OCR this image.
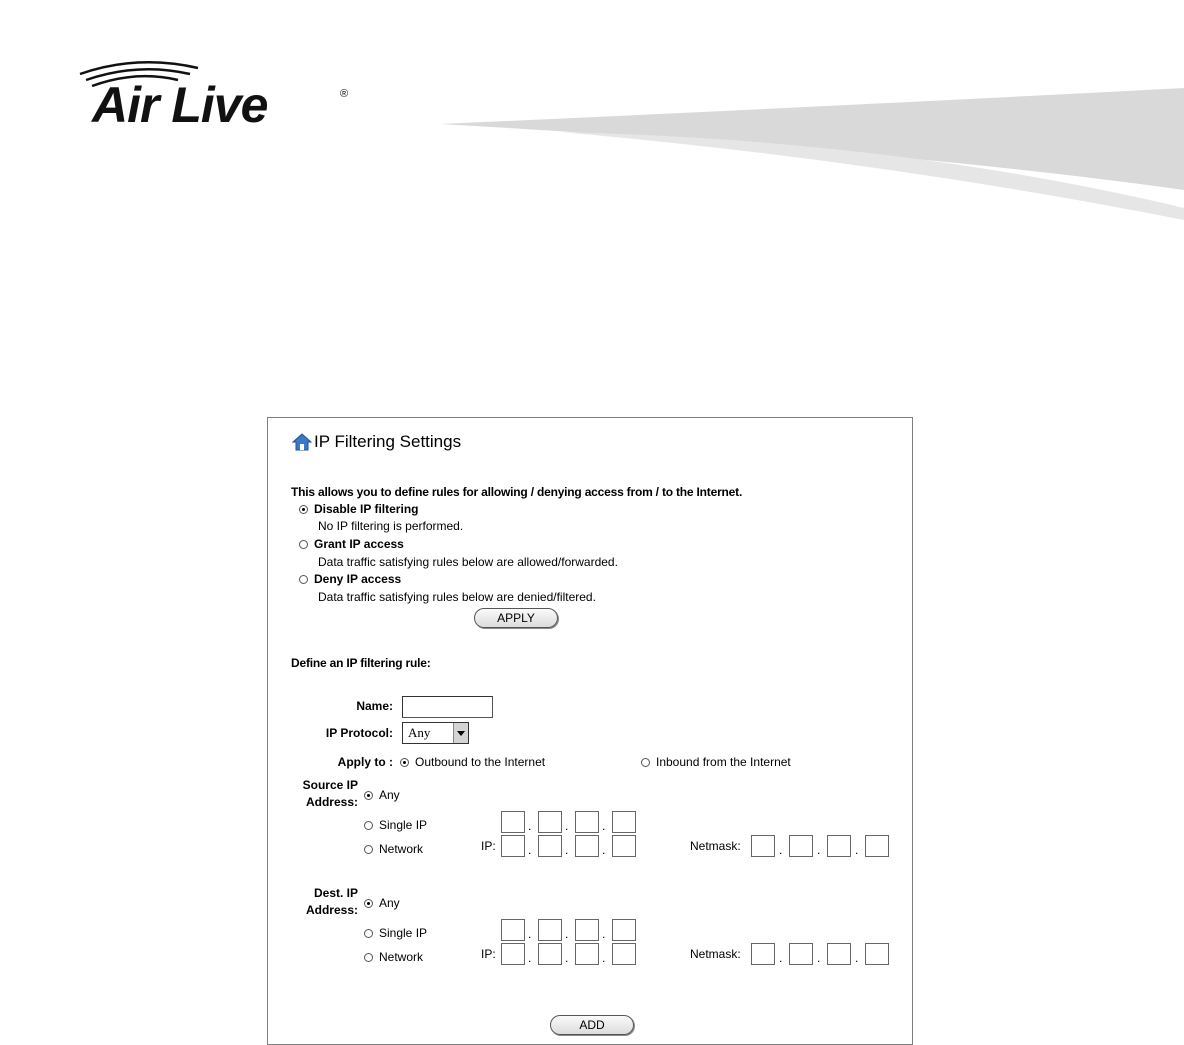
Air Live	®
IP Filtering Settings
This allows you to define rules for allowing / denying access from / to the Internet.
Disable IP filtering
No IP filtering is performed.
Grant IP access
Data traffic satisfying rules below are allowed/forwarded.
Deny IP access
Data traffic satisfying rules below are denied/filtered.
APPLY
Define an IP filtering rule:
Name:
IP Protocol:	Any
Apply to : Outbound to the Internet	Inbound from the Internet
Source IP
Address: Any
Single IP
Network
.	.	.
IP:	.	.	.	Netmask:	.	.	.
Dest. IP
Address: Any
Single IP
Network
.	.	.
IP:	.	.	.	Netmask:	.	.	.
ADD
